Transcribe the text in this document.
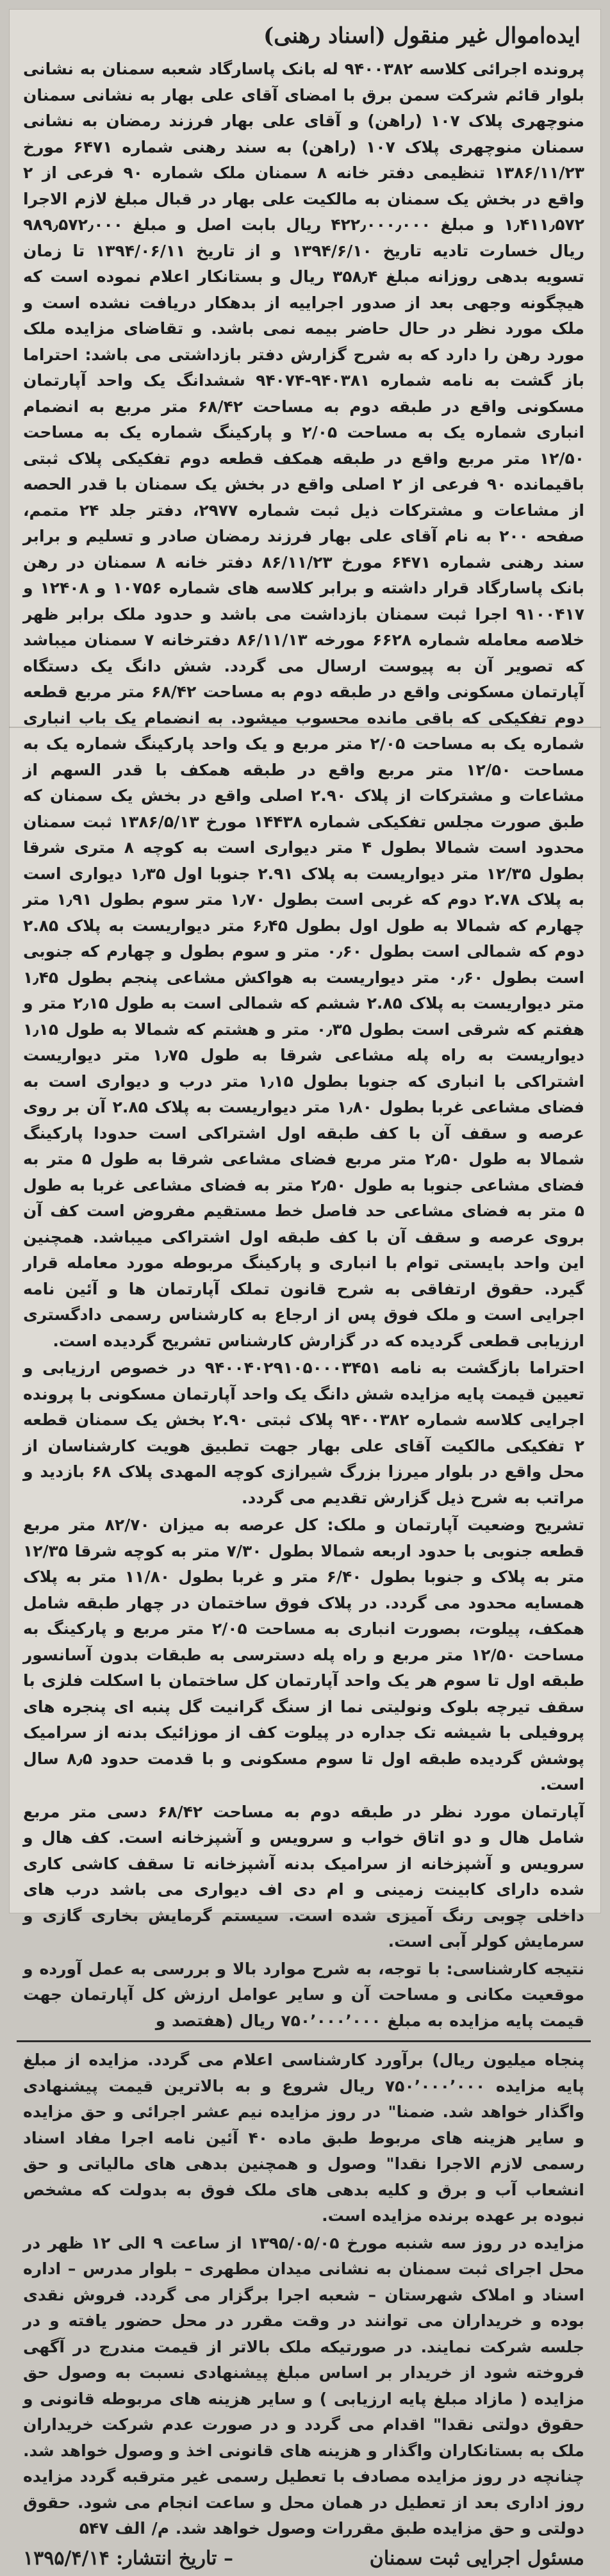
ایده‌اموال غیر منقول (اسناد رهنی)

پرونده اجرائی کلاسه ۹۴۰۰۳۸۲ له بانک پاسارگاد شعبه سمنان به نشانی بلوار قائم شرکت سمن برق با امضای آقای علی بهار به نشانی سمنان منوچهری پلاک ۱۰۷ (راهن) و آقای علی بهار فرزند رمضان به نشانی سمنان منوچهری پلاک ۱۰۷ (راهن) به سند رهنی شماره ۶۴۷۱ مورخ ۱۳۸۶/۱۱/۲۳ تنظیمی دفتر خانه ۸ سمنان ملک شماره ۹۰ فرعی از ۲ واقع در بخش یک سمنان به مالکیت علی بهار در قبال مبلغ لازم الاجرا ۱٫۴۱۱٫۵۷۲ و مبلغ ۴۲۲٫۰۰۰٫۰۰۰ ریال بابت اصل و مبلغ ۹۸۹٫۵۷۲٫۰۰۰ ریال خسارت تادیه تاریخ ۱۳۹۴/۶/۱۰ و از تاریخ ۱۳۹۴/۰۶/۱۱ تا زمان تسویه بدهی روزانه مبلغ ۳۵۸٫۴ ریال و بستانکار اعلام نموده است که هیچگونه وجهی بعد از صدور اجراییه از بدهکار دریافت نشده است و ملک مورد نظر در حال حاضر بیمه نمی باشد. و تقاضای مزایده ملک مورد رهن را دارد که به شرح گزارش دفتر بازداشتی می باشد: احتراما باز گشت به نامه شماره ۹۴۰۳۸۱-۹۴۰۷۴ ششدانگ یک واحد آپارتمان مسکونی واقع در طبقه دوم به مساحت ۶۸/۴۲ متر مربع به انضمام انباری شماره یک به مساحت ۲/۰۵ و پارکینگ شماره یک به مساحت ۱۲/۵۰ متر مربع واقع در طبقه همکف قطعه دوم تفکیکی پلاک ثبتی باقیمانده ۹۰ فرعی از ۲ اصلی واقع در بخش یک سمنان با قدر الحصه از مشاعات و مشترکات ذیل ثبت شماره ۲۹۷۷، دفتر جلد ۲۴ متمم، صفحه ۲۰۰ به نام آقای علی بهار فرزند رمضان صادر و تسلیم و برابر سند رهنی شماره ۶۴۷۱ مورخ ۸۶/۱۱/۲۳ دفتر خانه ۸ سمنان در رهن بانک پاسارگاد قرار داشته و برابر کلاسه های شماره ۱۰۷۵۶ و ۱۲۴۰۸ و ۹۱۰۰۴۱۷ اجرا ثبت سمنان بازداشت می باشد و حدود ملک برابر ظهر خلاصه معامله شماره ۶۶۲۸ مورخه ۸۶/۱۱/۱۳ دفترخانه ۷ سمنان میباشد که تصویر آن به پیوست ارسال می گردد. شش دانگ یک دستگاه آپارتمان مسکونی واقع در طبقه دوم به مساحت ۶۸/۴۲ متر مربع قطعه دوم تفکیکی که باقی مانده محسوب میشود. به انضمام یک باب انباری شماره یک به مساحت ۲/۰۵ متر مربع و یک واحد پارکینگ شماره یک به مساحت ۱۲/۵۰ متر مربع واقع در طبقه همکف با قدر السهم از مشاعات و مشترکات از پلاک ۲.۹۰ اصلی واقع در بخش یک سمنان که طبق صورت مجلس تفکیکی شماره ۱۴۴۳۸ مورخ ۱۳۸۶/۵/۱۳ ثبت سمنان محدود است شمالا بطول ۴ متر دیواری است به کوچه ۸ متری شرقا بطول ۱۲/۳۵ متر دیواریست به پلاک ۲.۹۱ جنوبا اول ۱٫۳۵ دیواری است به پلاک ۲.۷۸ دوم که غربی است بطول ۱٫۷۰ متر سوم بطول ۱٫۹۱ متر چهارم که شمالا به طول اول بطول ۶٫۴۵ متر دیواریست به پلاک ۲.۸۵ دوم که شمالی است بطول ۰٫۶۰ متر و سوم بطول و چهارم که جنوبی است بطول ۰٫۶۰ متر دیواریست به هواکش مشاعی پنجم بطول ۱٫۴۵ متر دیواریست به پلاک ۲.۸۵ ششم که شمالی است به طول ۲٫۱۵ متر و هفتم که شرقی است بطول ۰٫۳۵ متر و هشتم که شمالا به طول ۱٫۱۵ دیواریست به راه پله مشاعی شرقا به طول ۱٫۷۵ متر دیواریست اشتراکی با انباری که جنوبا بطول ۱٫۱۵ متر درب و دیواری است به فضای مشاعی غربا بطول ۱٫۸۰ متر دیواریست به پلاک ۲.۸۵ آن بر روی عرصه و سقف آن با کف طبقه اول اشتراکی است حدودا پارکینگ شمالا به طول ۲٫۵۰ متر مربع فضای مشاعی شرقا به طول ۵ متر به فضای مشاعی جنوبا به طول ۲٫۵۰ متر به فضای مشاعی غربا به طول ۵ متر به فضای مشاعی حد فاصل خط مستقیم مفروض است کف آن بروی عرصه و سقف آن با کف طبقه اول اشتراکی میباشد. همچنین این واحد بایستی توام با انباری و پارکینگ مربوطه مورد معامله قرار گیرد. حقوق ارتفاقی به شرح قانون تملک آپارتمان ها و آئین نامه اجرایی است و ملک فوق پس از ارجاع به کارشناس رسمی دادگستری ارزیابی قطعی گردیده که در گزارش کارشناس تشریح گردیده است.

احتراما بازگشت به نامه ۹۴۰۰۴۰۲۹۱۰۵۰۰۰۳۴۵۱ در خصوص ارزیابی و تعیین قیمت پایه مزایده شش دانگ یک واحد آپارتمان مسکونی با پرونده اجرایی کلاسه شماره ۹۴۰۰۳۸۲ پلاک ثبتی ۲.۹۰ بخش یک سمنان قطعه ۲ تفکیکی مالکیت آقای علی بهار جهت تطبیق هویت کارشناسان از محل واقع در بلوار میرزا بزرگ شیرازی کوچه المهدی پلاک ۶۸ بازدید و مراتب به شرح ذیل گزارش تقدیم می گردد.

تشریح وضعیت آپارتمان و ملک: کل عرصه به میزان ۸۲/۷۰ متر مربع قطعه جنوبی با حدود اربعه شمالا بطول ۷/۳۰ متر به کوچه شرقا ۱۲/۳۵ متر به پلاک و جنوبا بطول ۶/۴۰ متر و غربا بطول ۱۱/۸۰ متر به پلاک همسایه محدود می گردد. در پلاک فوق ساختمان در چهار طبقه شامل همکف، پیلوت، بصورت انباری به مساحت ۲/۰۵ متر مربع و پارکینگ به مساحت ۱۲/۵۰ متر مربع و راه پله دسترسی به طبقات بدون آسانسور طبقه اول تا سوم هر یک واحد آپارتمان کل ساختمان با اسکلت فلزی با سقف تیرچه بلوک ونولیتی نما از سنگ گرانیت گل پنبه ای پنجره های پروفیلی با شیشه تک جداره در پیلوت کف از موزائیک بدنه از سرامیک پوشش گردیده طبقه اول تا سوم مسکونی و با قدمت حدود ۸٫۵ سال است.

آپارتمان مورد نظر در طبقه دوم به مساحت ۶۸/۴۲ دسی متر مربع شامل هال و دو اتاق خواب و سرویس و آشپزخانه است. کف هال و سرویس و آشپزخانه از سرامیک بدنه آشپزخانه تا سقف کاشی کاری شده دارای کابینت زمینی و ام دی اف دیواری می باشد درب های داخلی چوبی رنگ آمیزی شده است. سیستم گرمایش بخاری گازی و سرمایش کولر آبی است.

نتیجه کارشناسی: با توجه، به شرح موارد بالا و بررسی به عمل آورده و موقعیت مکانی و مساحت آن و سایر عوامل ارزش کل آپارتمان جهت قیمت پایه مزایده به مبلغ ۷۵۰٬۰۰۰٬۰۰۰ ریال (هفتصد و

پنجاه میلیون ریال) برآورد کارشناسی اعلام می گردد. مزایده از مبلغ پایه مزایده ۷۵۰٬۰۰۰٬۰۰۰ ریال شروع و به بالاترین قیمت پیشنهادی واگذار خواهد شد. ضمنا" در روز مزایده نیم عشر اجرائی و حق مزایده و سایر هزینه های مربوط طبق ماده ۴۰ آئین نامه اجرا مفاد اسناد رسمی لازم الاجرا نقدا" وصول و همچنین بدهی های مالیاتی و حق انشعاب آب و برق و کلیه بدهی های ملک فوق به بدولت که مشخص نبوده بر عهده برنده مزایده است.

مزایده در روز سه شنبه مورخ ۱۳۹۵/۰۵/۰۵ از ساعت ۹ الی ۱۲ ظهر در محل اجرای ثبت سمنان به نشانی میدان مطهری – بلوار مدرس – اداره اسناد و املاک شهرستان – شعبه اجرا برگزار می گردد. فروش نقدی بوده و خریداران می توانند در وقت مقرر در محل حضور یافته و در جلسه شرکت نمایند. در صورتیکه ملک بالاتر از قیمت مندرج در آگهی فروخته شود از خریدار بر اساس مبلغ پیشنهادی نسبت به وصول حق مزایده ( مازاد مبلغ پایه ارزیابی ) و سایر هزینه های مربوطه قانونی و حقوق دولتی نقدا" اقدام می گردد و در صورت عدم شرکت خریداران ملک به بستانکاران واگذار و هزینه های قانونی اخذ و وصول خواهد شد. چنانچه در روز مزایده مصادف با تعطیل رسمی غیر مترقبه گردد مزایده روز اداری بعد از تعطیل در همان محل و ساعت انجام می شود. حقوق دولتی و حق مزایده طبق مقررات وصول خواهد شد. م/ الف ۵۴۷

مسئول اجرایی ثبت سمنان
– تاریخ انتشار: ۱۳۹۵/۴/۱۴
